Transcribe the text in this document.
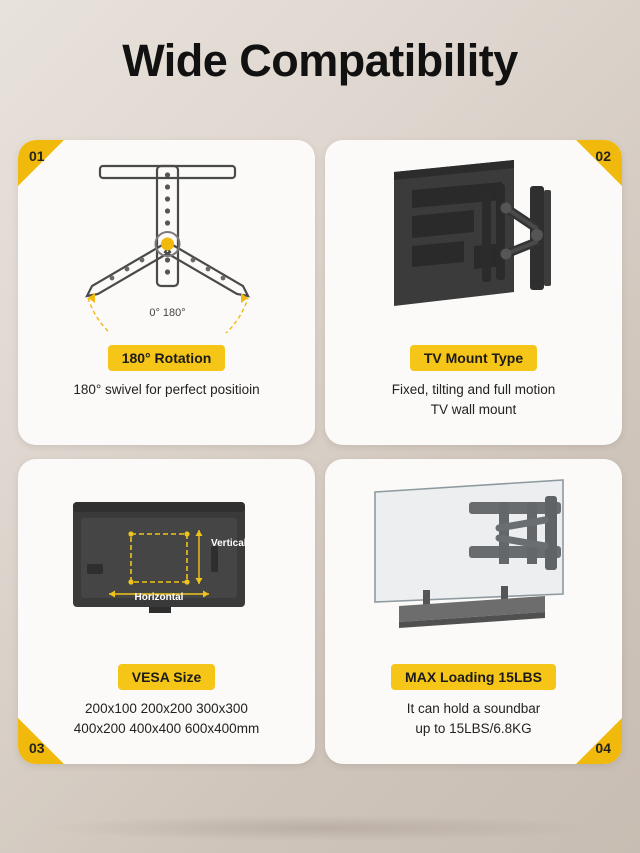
Wide Compatibility
01
0° 180°
180° Rotation
180° swivel for perfect positioin
02
TV Mount Type
Fixed, tilting and full motion
TV wall mount
03
Vertical
Horizontal
VESA Size
200x100 200x200 300x300
400x200 400x400 600x400mm
04
MAX Loading 15LBS
It can hold a soundbar
up to 15LBS/6.8KG
